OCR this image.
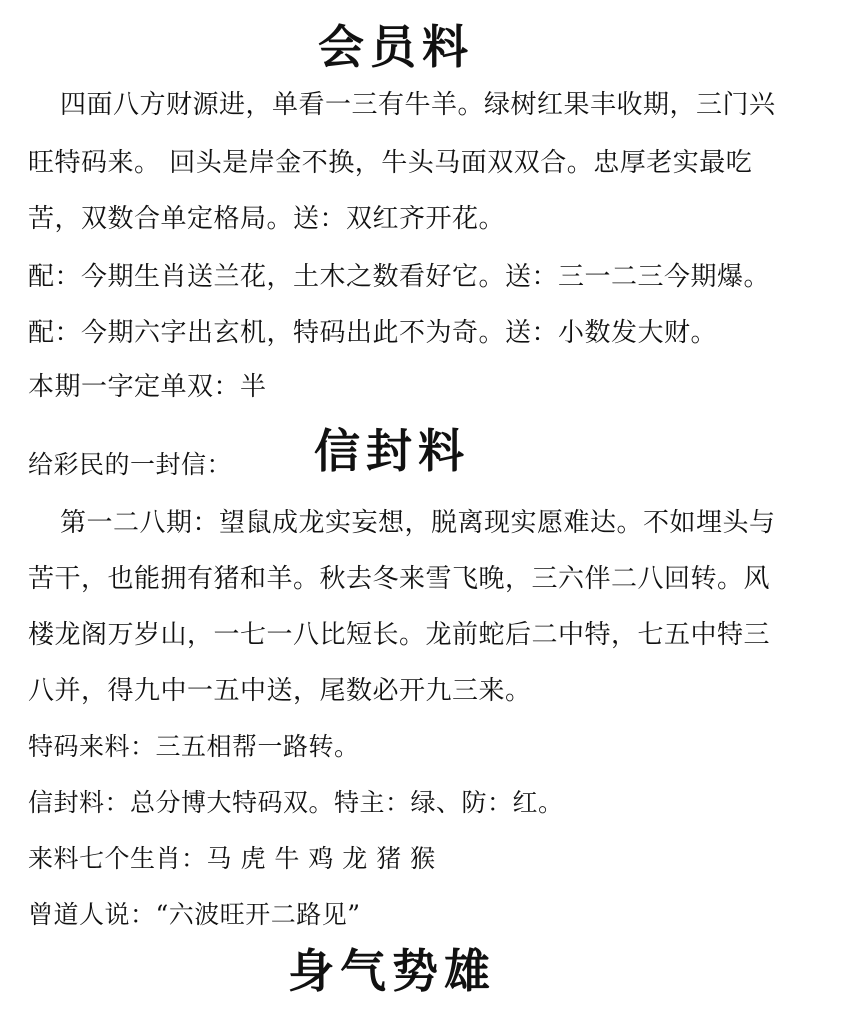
会员料
四面八方财源进，单看一三有牛羊。绿树红果丰收期，三门兴
旺特码来。 回头是岸金不换，牛头马面双双合。忠厚老实最吃
苦，双数合单定格局。送：双红齐开花。
配：今期生肖送兰花，土木之数看好它。送：三一二三今期爆。
配：今期六字出玄机，特码出此不为奇。送：小数发大财。
本期一字定单双：半
给彩民的一封信： 信封料
第一二八期：望鼠成龙实妄想，脱离现实愿难达。不如埋头与
苦干，也能拥有猪和羊。秋去冬来雪飞晚，三六伴二八回转。风
楼龙阁万岁山，一七一八比短长。龙前蛇后二中特，七五中特三
八并，得九中一五中送，尾数必开九三来。
特码来料：三五相帮一路转。
信封料：总分博大特码双。特主：绿、防：红。
来料七个生肖：马 虎 牛 鸡 龙 猪 猴
曾道人说：“六波旺开二路见”
身气势雄
